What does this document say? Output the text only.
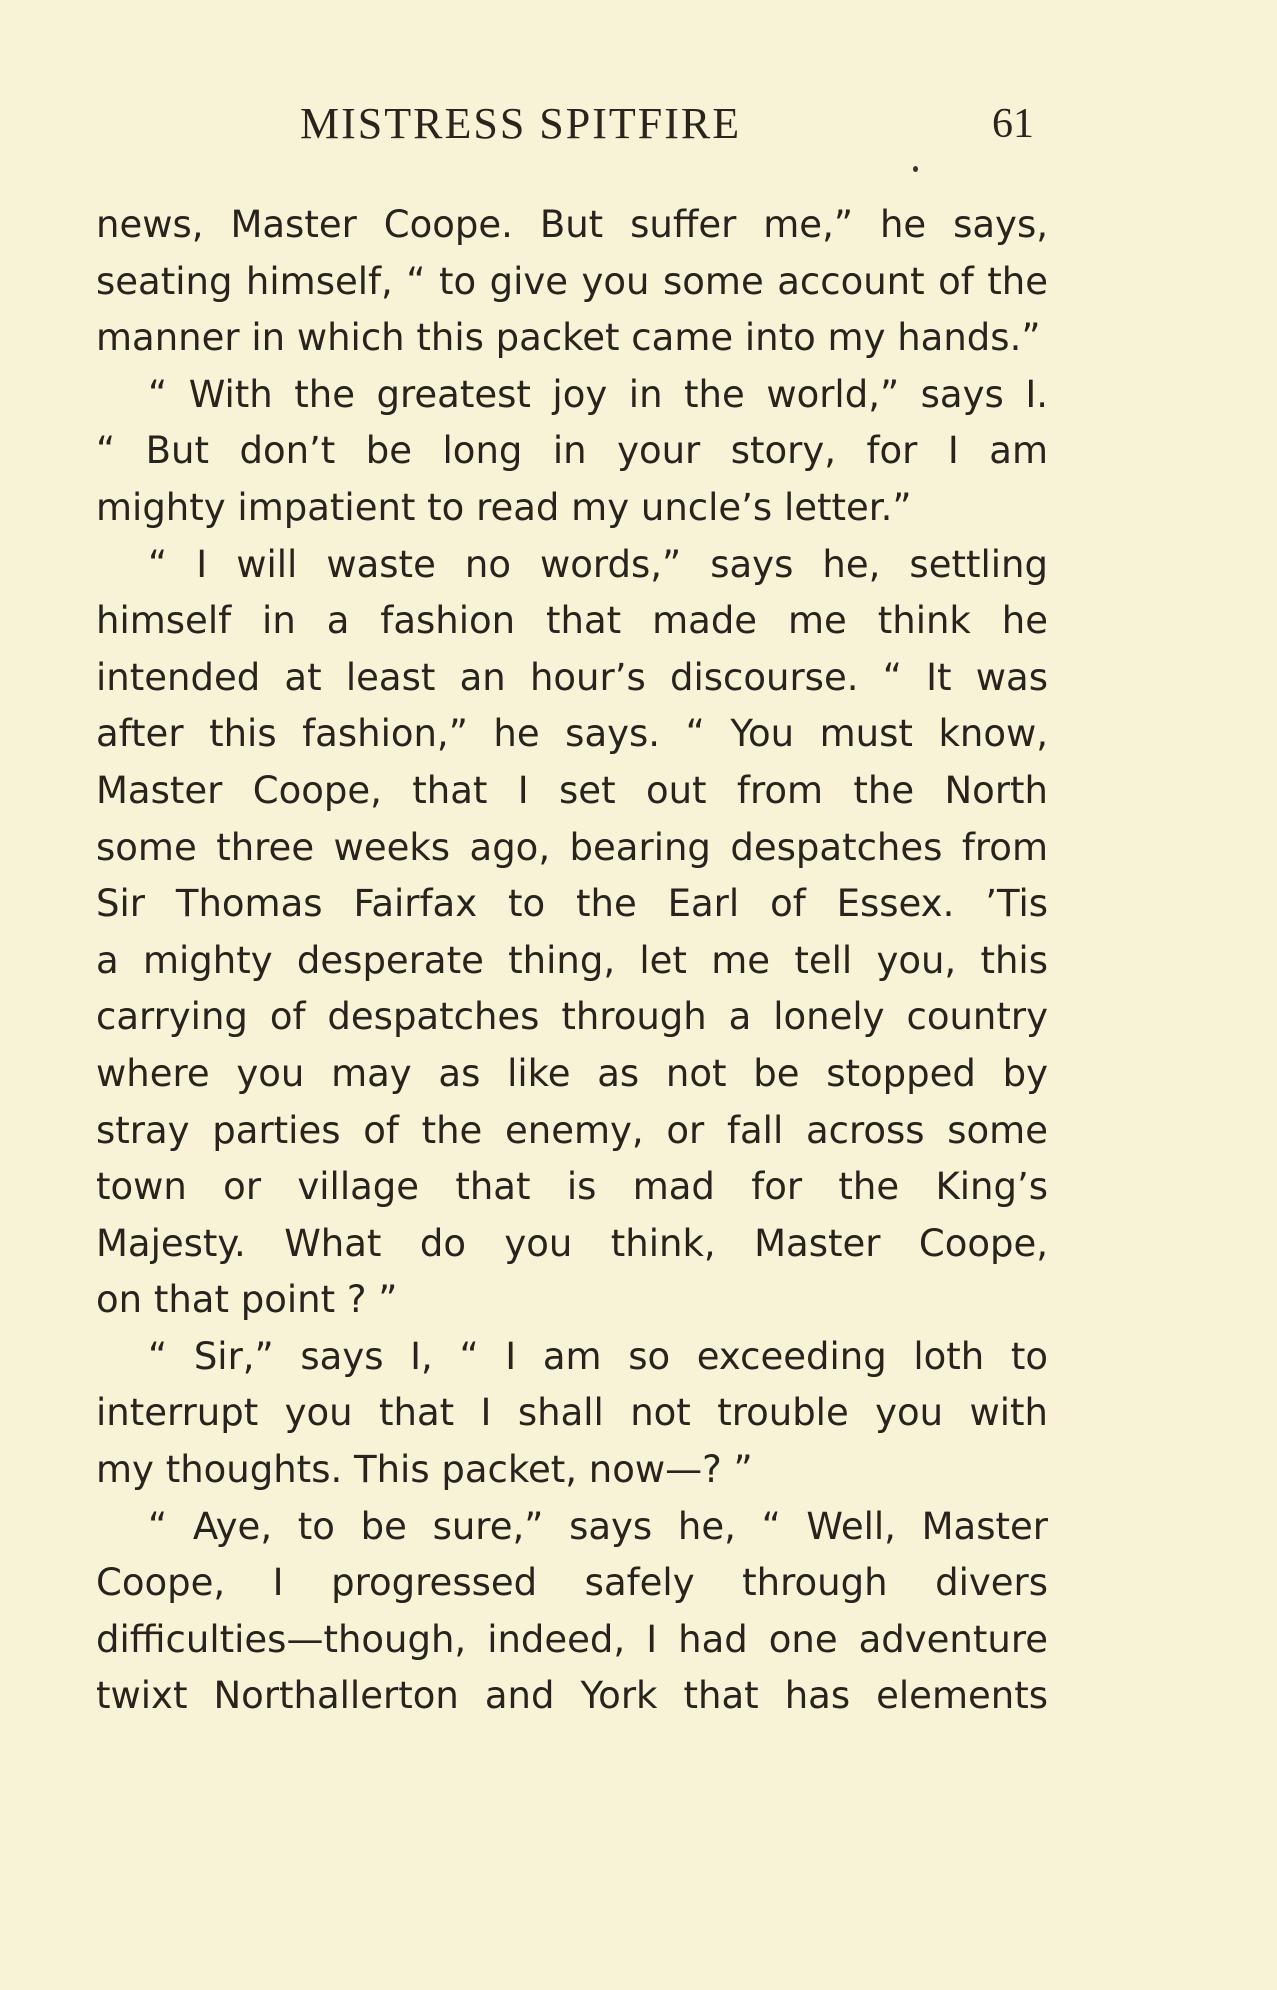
MISTRESS SPITFIRE	61
news, Master Coope. But suffer me,” he says,
seating himself, “ to give you some account of the
manner in which this packet came into my hands.”
“ With the greatest joy in the world,” says I.
“ But don’t be long in your story, for I am
mighty impatient to read my uncle’s letter.”
“ I will waste no words,” says he, settling
himself in a fashion that made me think he
intended at least an hour’s discourse. “ It was
after this fashion,” he says. “ You must know,
Master Coope, that I set out from the North
some three weeks ago, bearing despatches from
Sir Thomas Fairfax to the Earl of Essex. ’Tis
a mighty desperate thing, let me tell you, this
carrying of despatches through a lonely country
where you may as like as not be stopped by
stray parties of the enemy, or fall across some
town or village that is mad for the King’s
Majesty. What do you think, Master Coope,
on that point ? ”
“ Sir,” says I, “ I am so exceeding loth to
interrupt you that I shall not trouble you with
my thoughts. This packet, now—? ”
“ Aye, to be sure,” says he, “ Well, Master
Coope, I progressed safely through divers
difficulties—though, indeed, I had one adventure
twixt Northallerton and York that has elements
